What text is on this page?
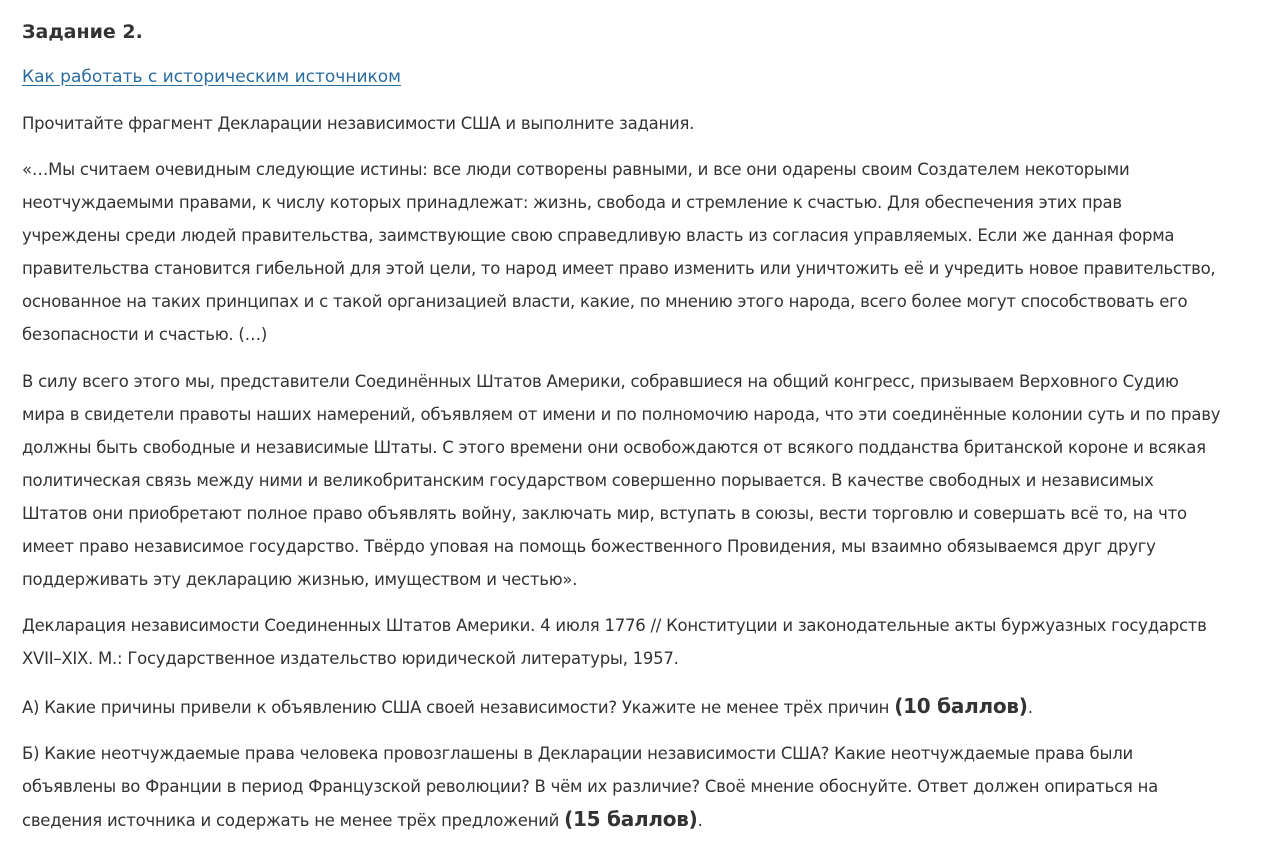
Задание 2.
Как работать с историческим источником

Прочитайте фрагмент Декларации независимости США и выполните задания.

«…Мы считаем очевидным следующие истины: все люди сотворены равными, и все они одарены своим Создателем некоторыми неотчуждаемыми правами, к числу которых принадлежат: жизнь, свобода и стремление к счастью. Для обеспечения этих прав учреждены среди людей правительства, заимствующие свою справедливую власть из согласия управляемых. Если же данная форма правительства становится гибельной для этой цели, то народ имеет право изменить или уничтожить её и учредить новое правительство, основанное на таких принципах и с такой организацией власти, какие, по мнению этого народа, всего более могут способствовать его безопасности и счастью. (…)

В силу всего этого мы, представители Соединённых Штатов Америки, собравшиеся на общий конгресс, призываем Верховного Судию мира в свидетели правоты наших намерений, объявляем от имени и по полномочию народа, что эти соединённые колонии суть и по праву должны быть свободные и независимые Штаты. С этого времени они освобождаются от всякого подданства британской короне и всякая политическая связь между ними и великобританским государством совершенно порывается. В качестве свободных и независимых Штатов они приобретают полное право объявлять войну, заключать мир, вступать в союзы, вести торговлю и совершать всё то, на что имеет право независимое государство. Твёрдо уповая на помощь божественного Провидения, мы взаимно обязываемся друг другу поддерживать эту декларацию жизнью, имуществом и честью».

Декларация независимости Соединенных Штатов Америки. 4 июля 1776 // Конституции и законодательные акты буржуазных государств XVII–XIX. М.: Государственное издательство юридической литературы, 1957.

А) Какие причины привели к объявлению США своей независимости? Укажите не менее трёх причин (10 баллов).

Б) Какие неотчуждаемые права человека провозглашены в Декларации независимости США? Какие неотчуждаемые права были объявлены во Франции в период Французской революции? В чём их различие? Своё мнение обоснуйте. Ответ должен опираться на сведения источника и содержать не менее трёх предложений (15 баллов).
